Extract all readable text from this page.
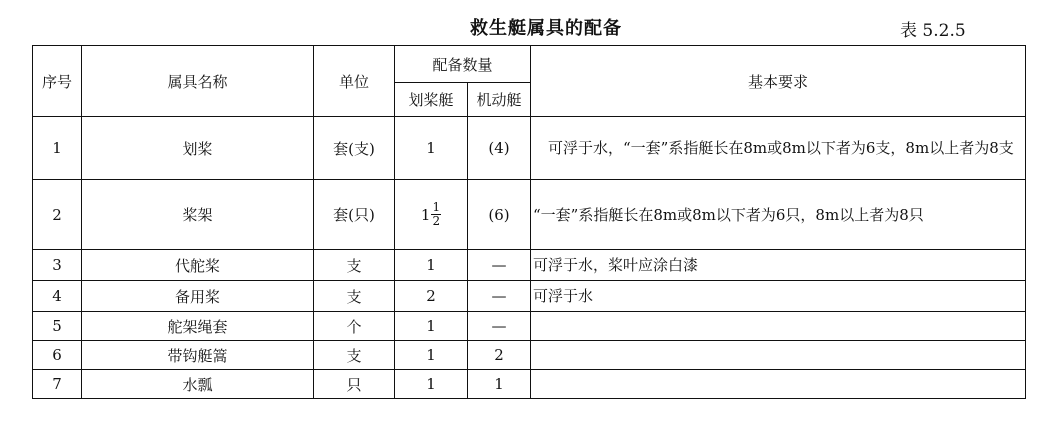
救生艇属具的配备	表 5.2.5
序号	属具名称	单位	配备数量		基本要求
			划桨艇	机动艇	
1	划桨	套(支)	1	(4)	　可浮于水，“一套”系指艇长在8m或8m以下者为6支，8m以上者为8支
2	桨架	套(只)	$1 \frac{1}{2}$	(6)	“一套”系指艇长在8m或8m以下者为6只，8m以上者为8只
3	代舵桨	支	1	—	可浮于水，桨叶应涂白漆
4	备用桨	支	2	—	可浮于水
5	舵架绳套	个	1	—	
6	带钩艇篙	支	1	2	
7	水瓢	只	1	1	
